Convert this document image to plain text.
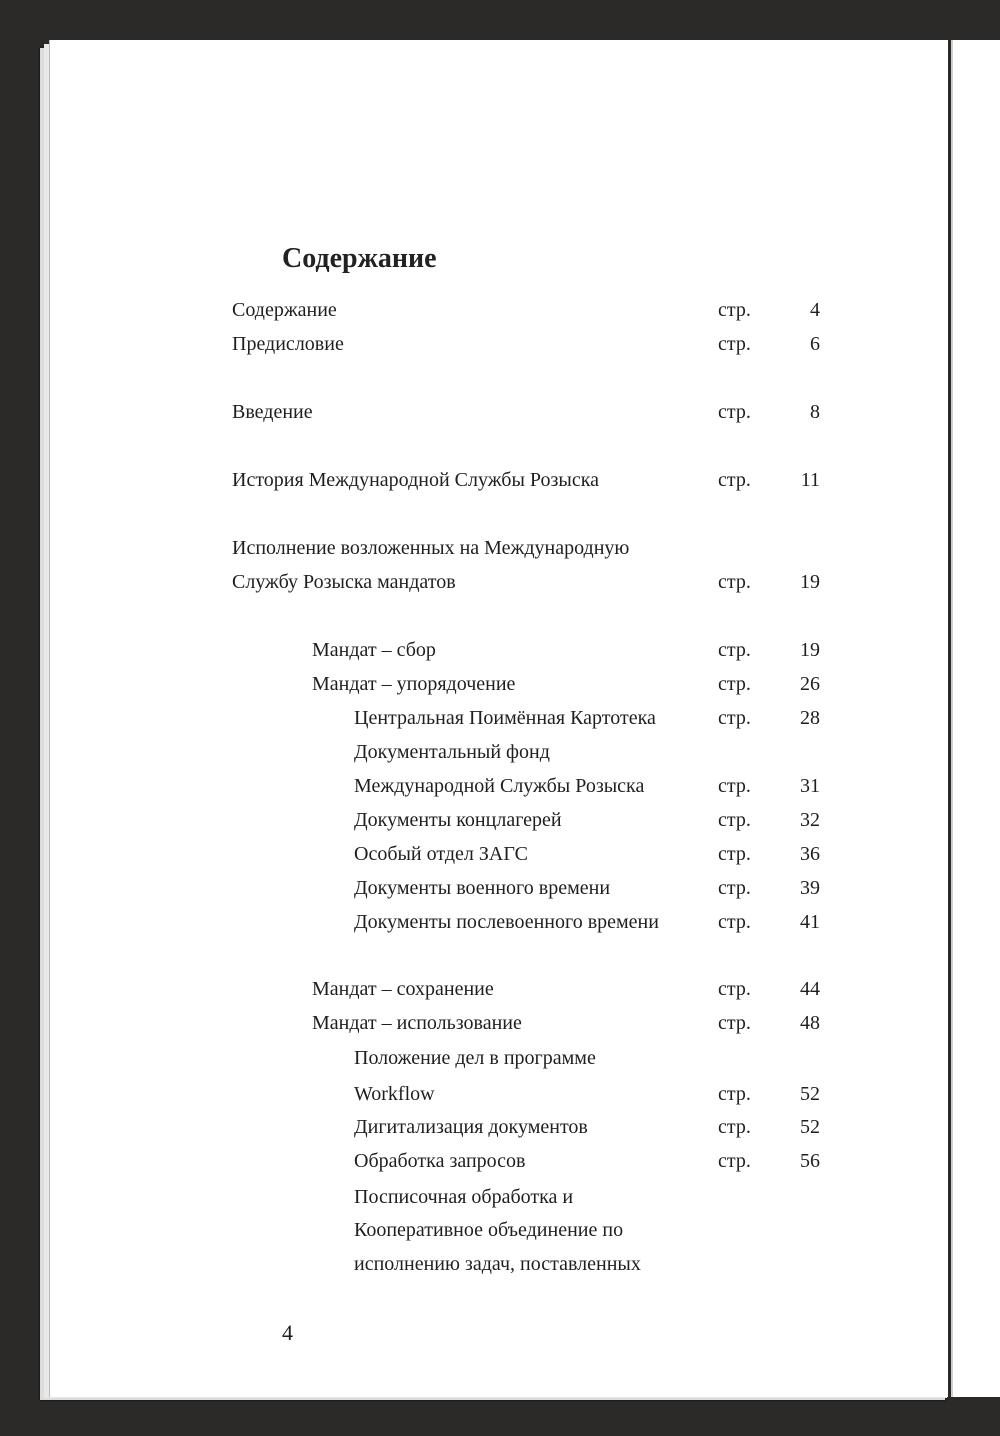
Содержание
Содержание	стр.	4
Предисловие	стр.	6
Введение	стр.	8
История Международной Службы Розыска	стр.	11
Исполнение возложенных на Международную
Службу Розыска мандатов	стр.	19
Мандат – сбор	стр.	19
Мандат – упорядочение	стр.	26
Центральная Поимённая Картотека	стр.	28
Документальный фонд
Международной Службы Розыска	стр.	31
Документы концлагерей	стр.	32
Особый отдел ЗАГС	стр.	36
Документы военного времени	стр.	39
Документы послевоенного времени	стр.	41
Мандат – сохранение	стр.	44
Мандат – использование	стр.	48
Положение дел в программе
Workflow	стр.	52
Дигитализация документов	стр.	52
Обработка запросов	стр.	56
Посписочная обработка и
Кооперативное объединение по
исполнению задач, поставленных
4
